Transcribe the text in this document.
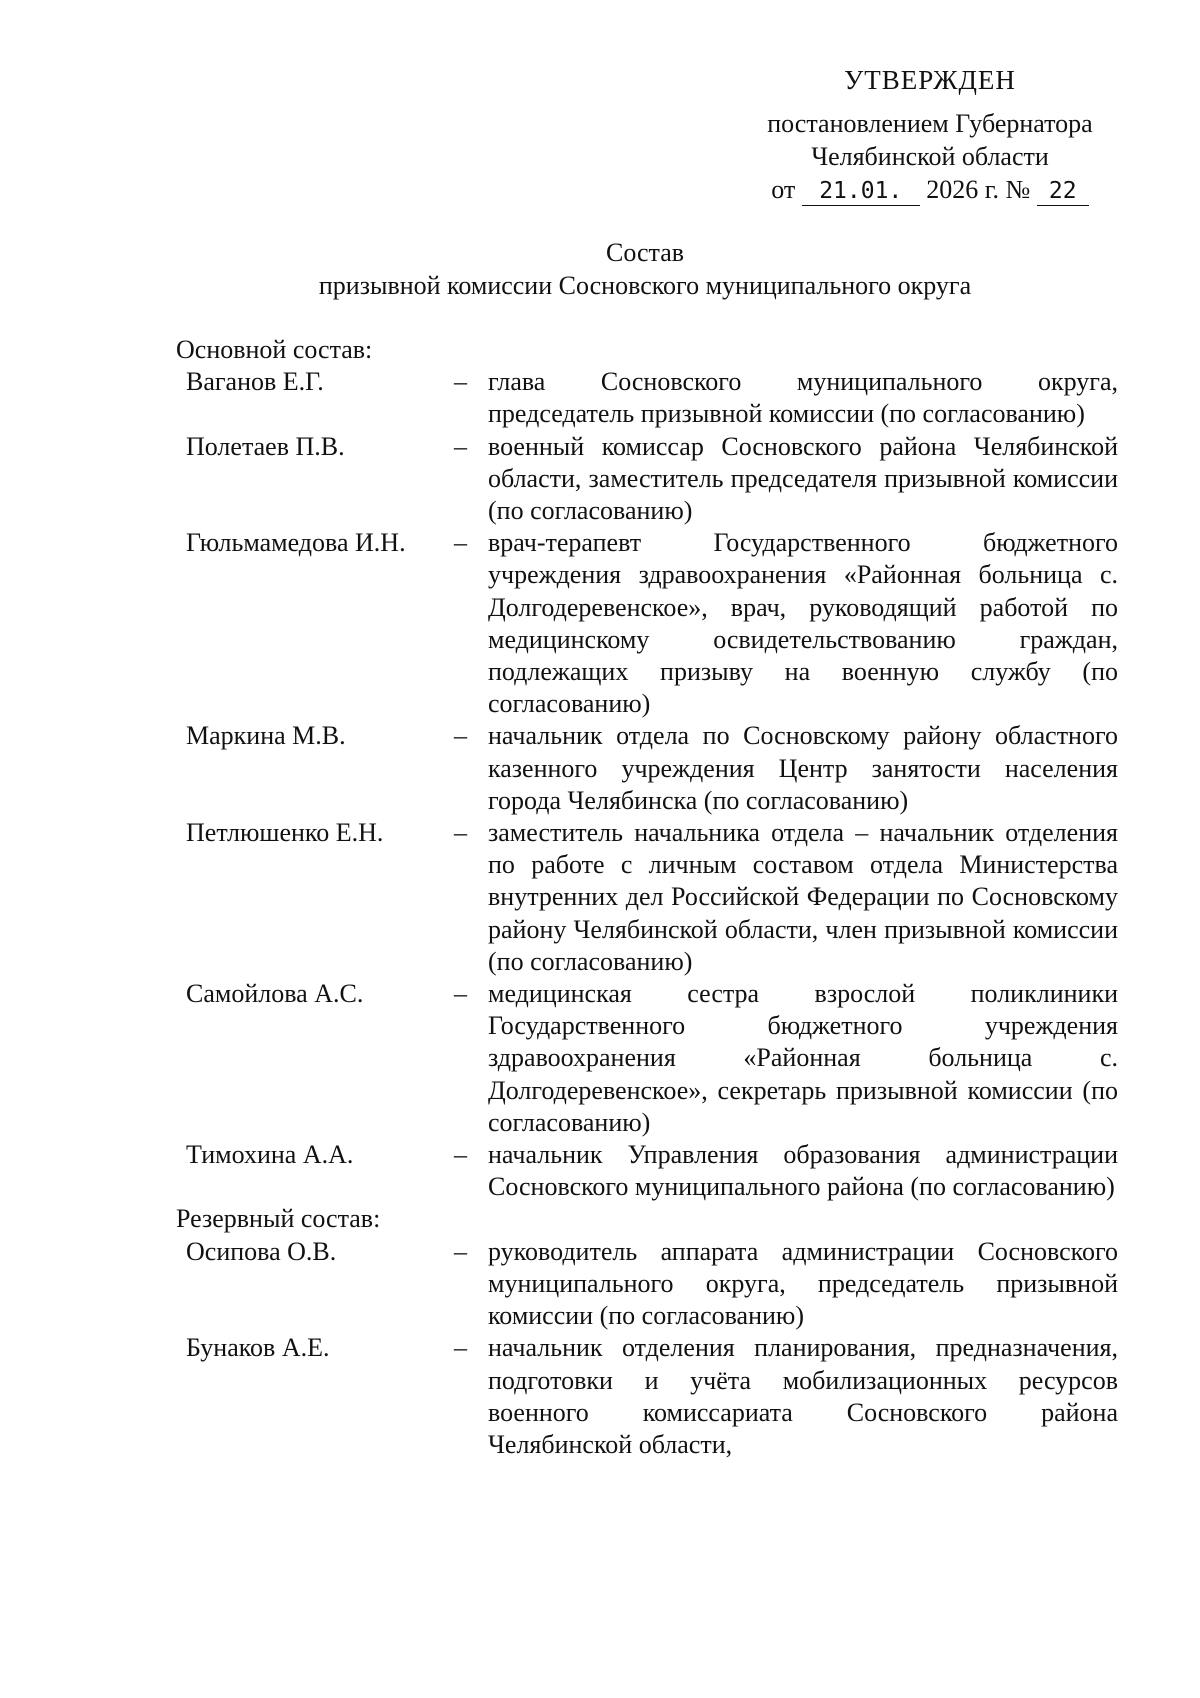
УТВЕРЖДЕН
постановлением Губернатора
Челябинской области
от 21.01. 2026 г. № 22
Состав
призывной комиссии Сосновского муниципального округа
Основной состав:
Ваганов Е.Г.	– глава Сосновского муниципального округа, председатель призывной комиссии (по согласованию)
Полетаев П.В.	– военный комиссар Сосновского района Челябинской области, заместитель председателя призывной комиссии (по согласованию)
Гюльмамедова И.Н.	– врач-терапевт Государственного бюджетного учреждения здравоохранения «Районная больница с. Долгодеревенское», врач, руководящий работой по медицинскому освидетельствованию граждан, подлежащих призыву на военную службу (по согласованию)
Маркина М.В.	– начальник отдела по Сосновскому району областного казенного учреждения Центр занятости населения города Челябинска (по согласованию)
Петлюшенко Е.Н.	– заместитель начальника отдела – начальник отделения по работе с личным составом отдела Министерства внутренних дел Российской Федерации по Сосновскому району Челябинской области, член призывной комиссии (по согласованию)
Самойлова А.С.	– медицинская сестра взрослой поликлиники Государственного бюджетного учреждения здравоохранения «Районная больница с. Долгодеревенское», секретарь призывной комиссии (по согласованию)
Тимохина А.А.	– начальник Управления образования администрации Сосновского муниципального района (по согласованию)
Резервный состав:
Осипова О.В.	– руководитель аппарата администрации Сосновского муниципального округа, председатель призывной комиссии (по согласованию)
Бунаков А.Е.	– начальник отделения планирования, предназначения, подготовки и учёта мобилизационных ресурсов военного комиссариата Сосновского района Челябинской области,
